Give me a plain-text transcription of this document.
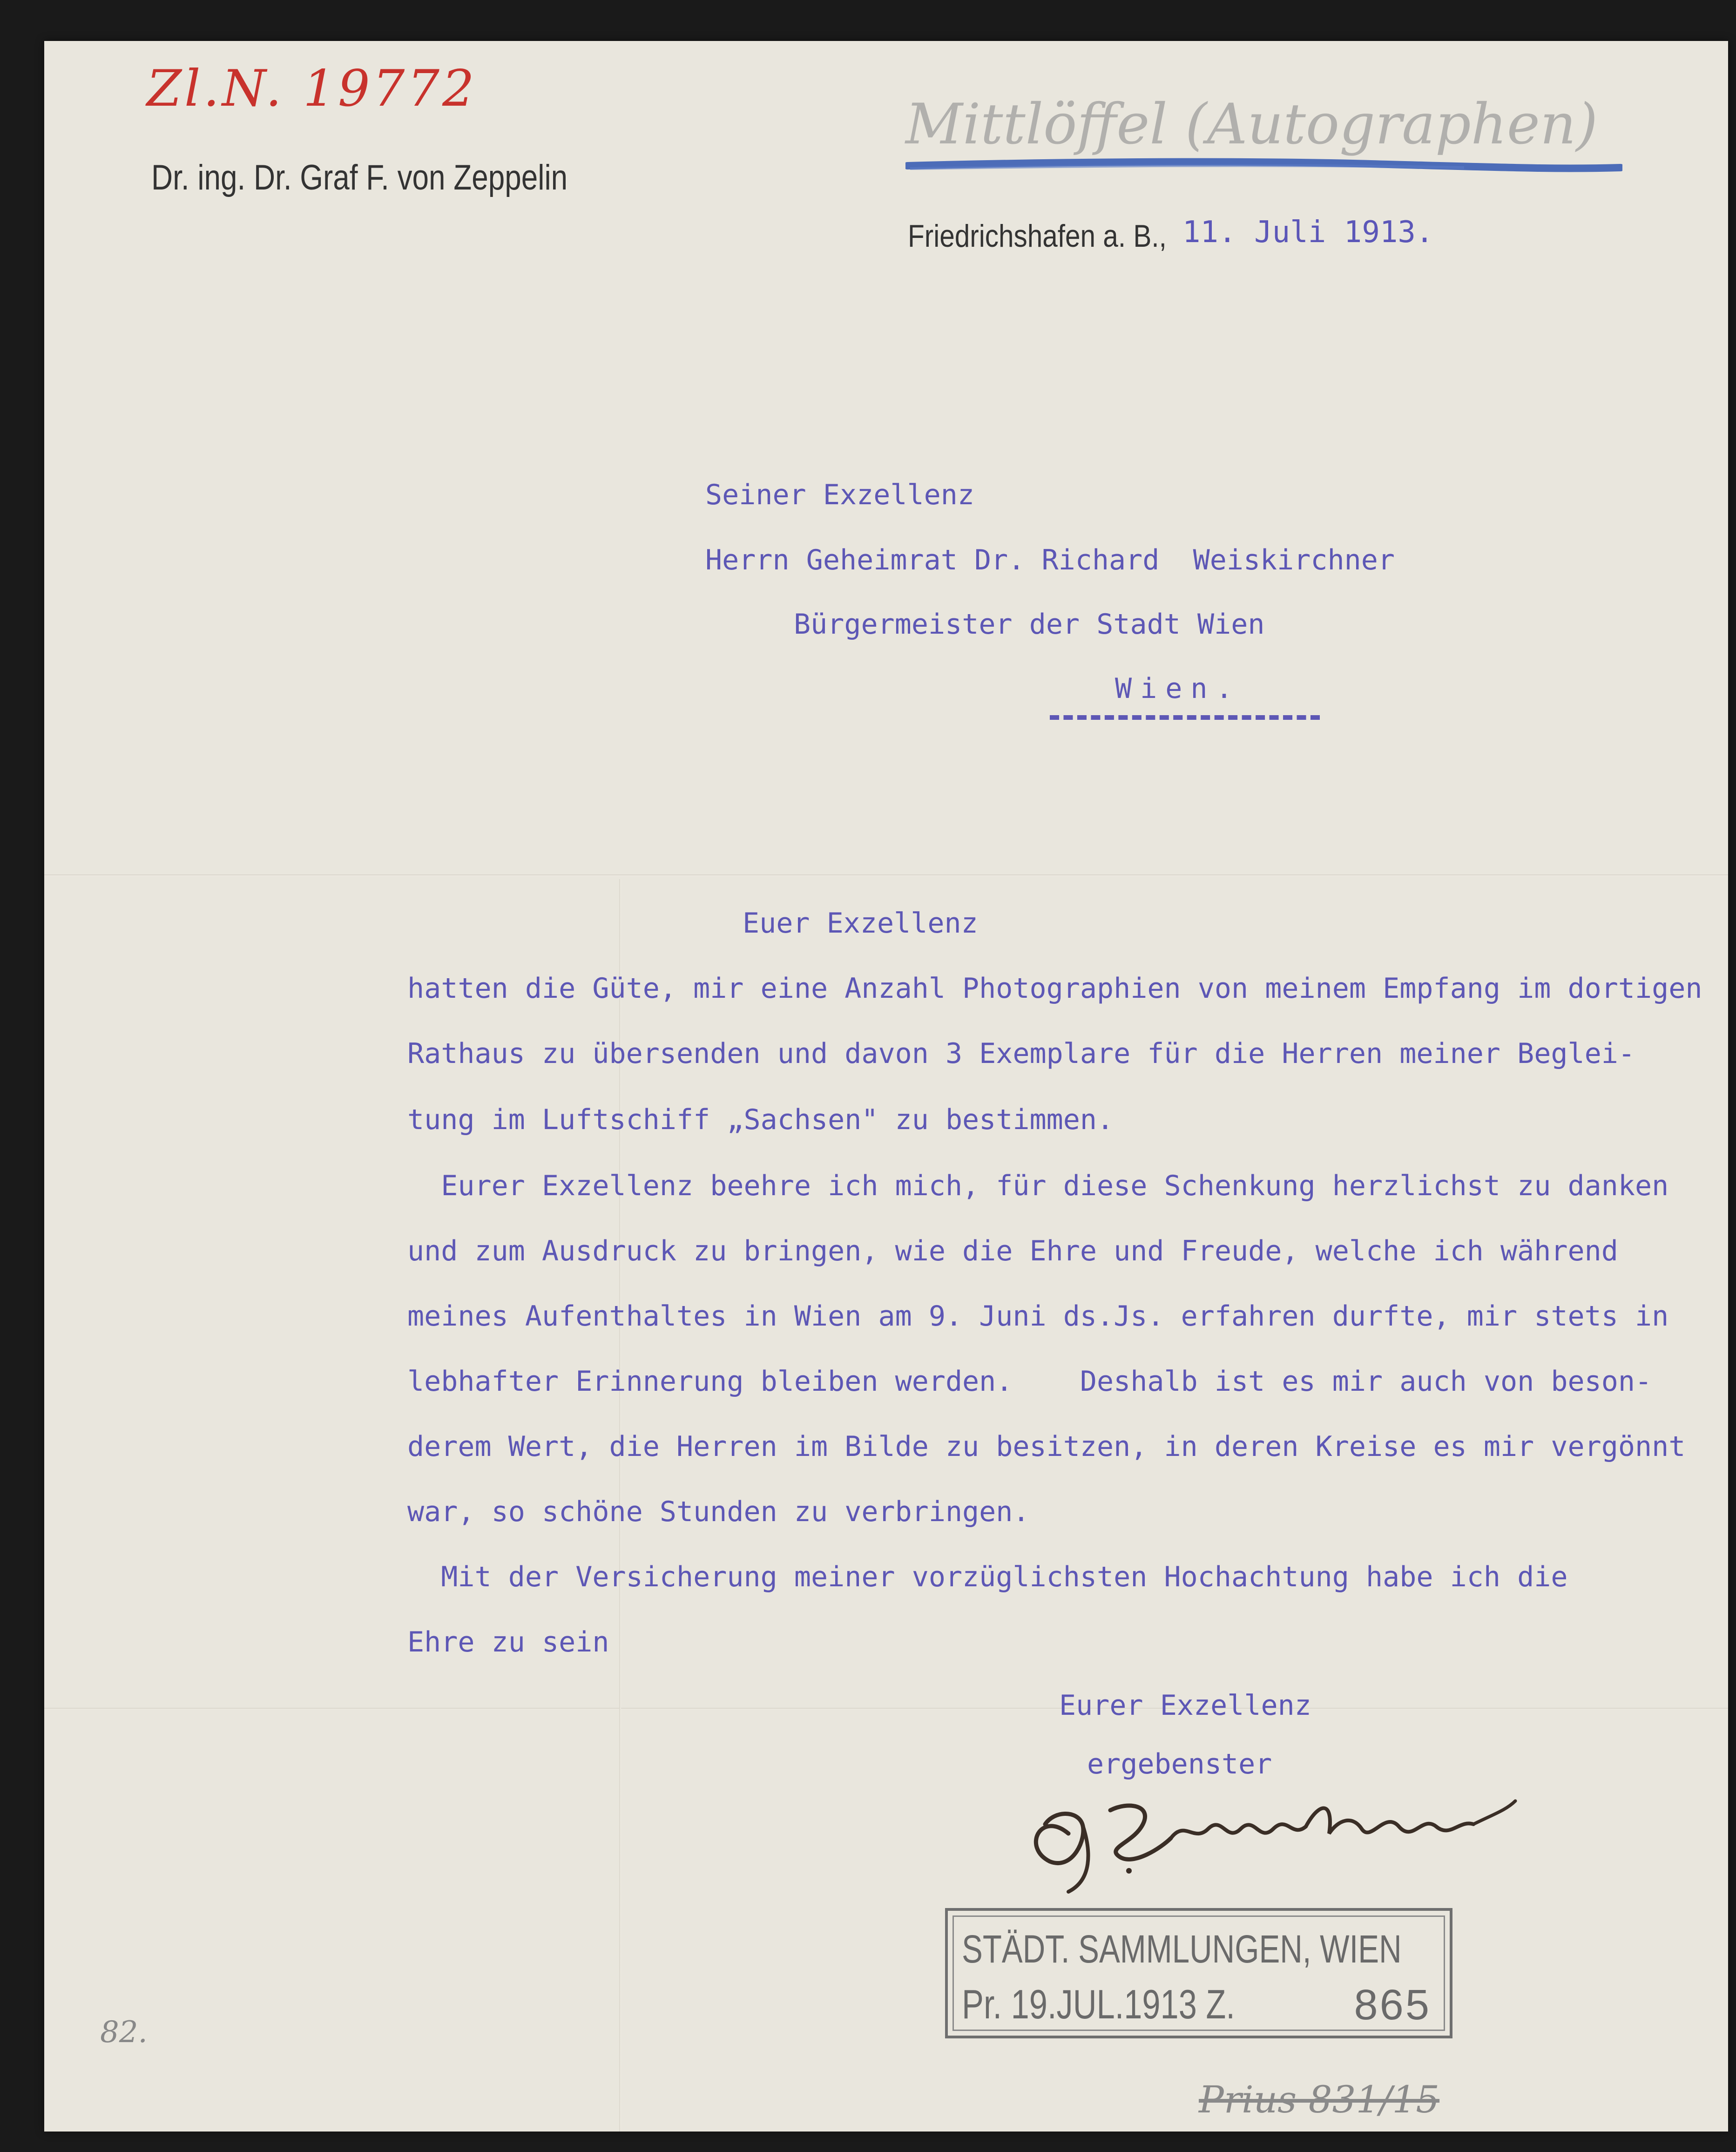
Zl.N. 19772
Dr. ing. Dr. Graf F. von Zeppelin
Mittlöffel (Autographen)
Friedrichshafen a. B., 11. Juli 1913.
Seiner Exzellenz
Herrn Geheimrat Dr. Richard  Weiskirchner
Bürgermeister der Stadt Wien
Wien.
Euer Exzellenz
hatten die Güte, mir eine Anzahl Photographien von meinem Empfang im dortigen
Rathaus zu übersenden und davon 3 Exemplare für die Herren meiner Beglei-
tung im Luftschiff „Sachsen" zu bestimmen.
Eurer Exzellenz beehre ich mich, für diese Schenkung herzlichst zu danken
und zum Ausdruck zu bringen, wie die Ehre und Freude, welche ich während
meines Aufenthaltes in Wien am 9. Juni ds.Js. erfahren durfte, mir stets in
lebhafter Erinnerung bleiben werden.    Deshalb ist es mir auch von beson-
derem Wert, die Herren im Bilde zu besitzen, in deren Kreise es mir vergönnt
war, so schöne Stunden zu verbringen.
Mit der Versicherung meiner vorzüglichsten Hochachtung habe ich die
Ehre zu sein
Eurer Exzellenz
ergebenster
STÄDT. SAMMLUNGEN, WIEN
Pr. 19.JUL.1913 Z.	865
82.
Prius 831/15
